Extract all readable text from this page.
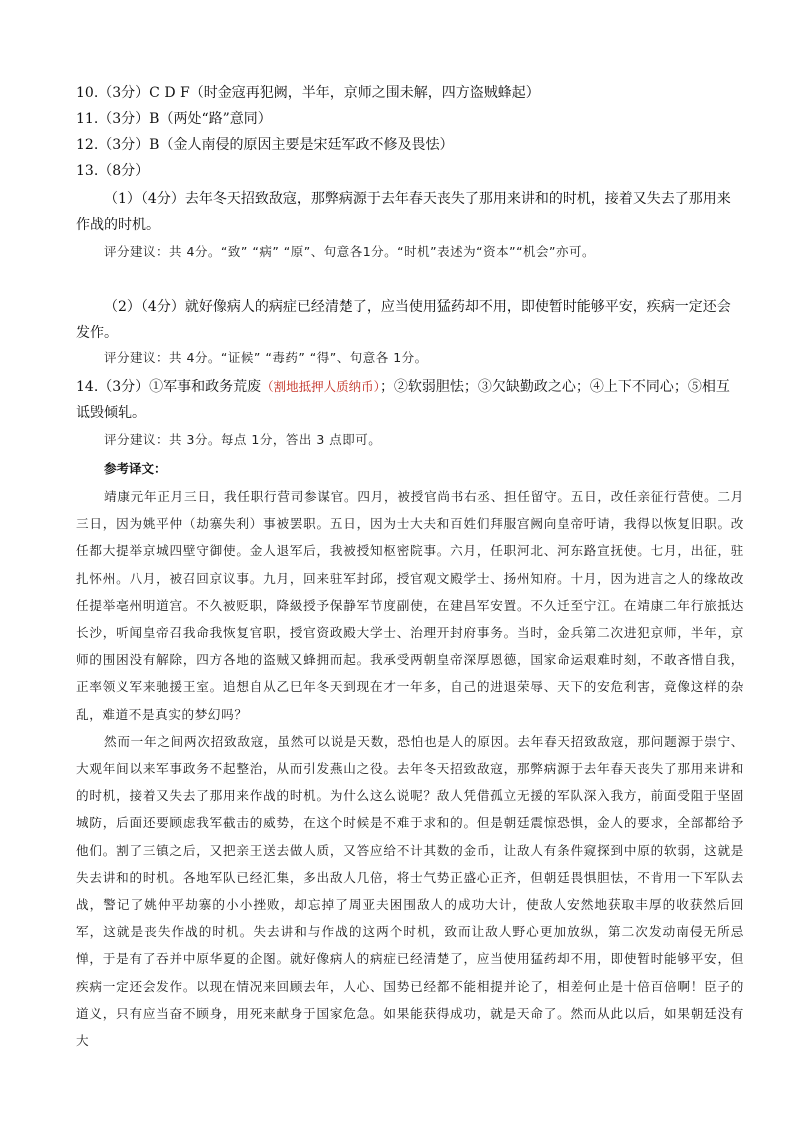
10.（3分）C D F（时金寇再犯阙，半年，京师之围未解，四方盗贼蜂起）
11.（3分）B（两处“路”意同）
12.（3分）B（金人南侵的原因主要是宋廷军政不修及畏怯）
13.（8分）
（1）（4分）去年冬天招致敌寇，那弊病源于去年春天丧失了那用来讲和的时机，接着又失去了那用来作战的时机。
评分建议：共 4分。“致” “病” “原”、句意各1分。“时机”表述为“资本”“机会”亦可。
（2）（4分）就好像病人的病症已经清楚了，应当使用猛药却不用，即使暂时能够平安，疾病一定还会发作。
评分建议：共 4分。“证候” “毒药” “得”、句意各 1分。
14.（3分）①军事和政务荒废（割地抵押人质纳币）；②软弱胆怯；③欠缺勤政之心；④上下不同心；⑤相互诋毁倾轧。
评分建议：共 3分。每点 1分，答出 3 点即可。
参考译文：

靖康元年正月三日，我任职行营司参谋官。四月，被授官尚书右丞、担任留守。五日，改任亲征行营使。二月三日，因为姚平仲（劫寨失利）事被罢职。五日，因为士大夫和百姓们拜服宫阙向皇帝吁请，我得以恢复旧职。改任都大提举京城四壁守御使。金人退军后，我被授知枢密院事。六月，任职河北、河东路宣抚使。七月，出征，驻扎怀州。八月，被召回京议事。九月，回来驻军封邱，授官观文殿学士、扬州知府。十月，因为进言之人的缘故改任提举亳州明道宫。不久被贬职，降級授予保静军节度副使，在建昌军安置。不久迁至宁江。在靖康二年行旅抵达长沙，听闻皇帝召我命我恢复官职，授官资政殿大学士、治理开封府事务。当时，金兵第二次进犯京师，半年，京师的围困没有解除，四方各地的盗贼又蜂拥而起。我承受两朝皇帝深厚恩德，国家命运艰难时刻，不敢吝惜自我，正率领义军来驰援王室。追想自从乙巳年冬天到现在才一年多，自己的进退荣辱、天下的安危利害，竟像这样的杂乱，难道不是真实的梦幻吗？

然而一年之间两次招致敌寇，虽然可以说是天数，恐怕也是人的原因。去年春天招致敌寇，那问题源于崇宁、大观年间以来军事政务不起整治，从而引发燕山之役。去年冬天招致敌寇，那弊病源于去年春天丧失了那用来讲和的时机，接着又失去了那用来作战的时机。为什么这么说呢？敌人凭借孤立无援的军队深入我方，前面受阻于坚固城防，后面还要顾虑我军截击的威势，在这个时候是不难于求和的。但是朝廷震惊恐惧，金人的要求，全部都给予他们。割了三镇之后，又把亲王送去做人质，又答应给不计其数的金币，让敌人有条件窥探到中原的软弱，这就是失去讲和的时机。各地军队已经汇集，多出敌人几倍，将士气势正盛心正齐，但朝廷畏惧胆怯，不肯用一下军队去战，警记了姚仲平劫寨的小小挫败，却忘掉了周亚夫困围敌人的成功大计，使敌人安然地获取丰厚的收获然后回军，这就是丧失作战的时机。失去讲和与作战的这两个时机，致而让敌人野心更加放纵，第二次发动南侵无所忌惮，于是有了吞并中原华夏的企图。就好像病人的病症已经清楚了，应当使用猛药却不用，即使暂时能够平安，但疾病一定还会发作。以现在情况来回顾去年，人心、国势已经都不能相提并论了，相差何止是十倍百倍啊！臣子的道义，只有应当奋不顾身，用死来献身于国家危急。如果能获得成功，就是天命了。然而从此以后，如果朝廷没有大
